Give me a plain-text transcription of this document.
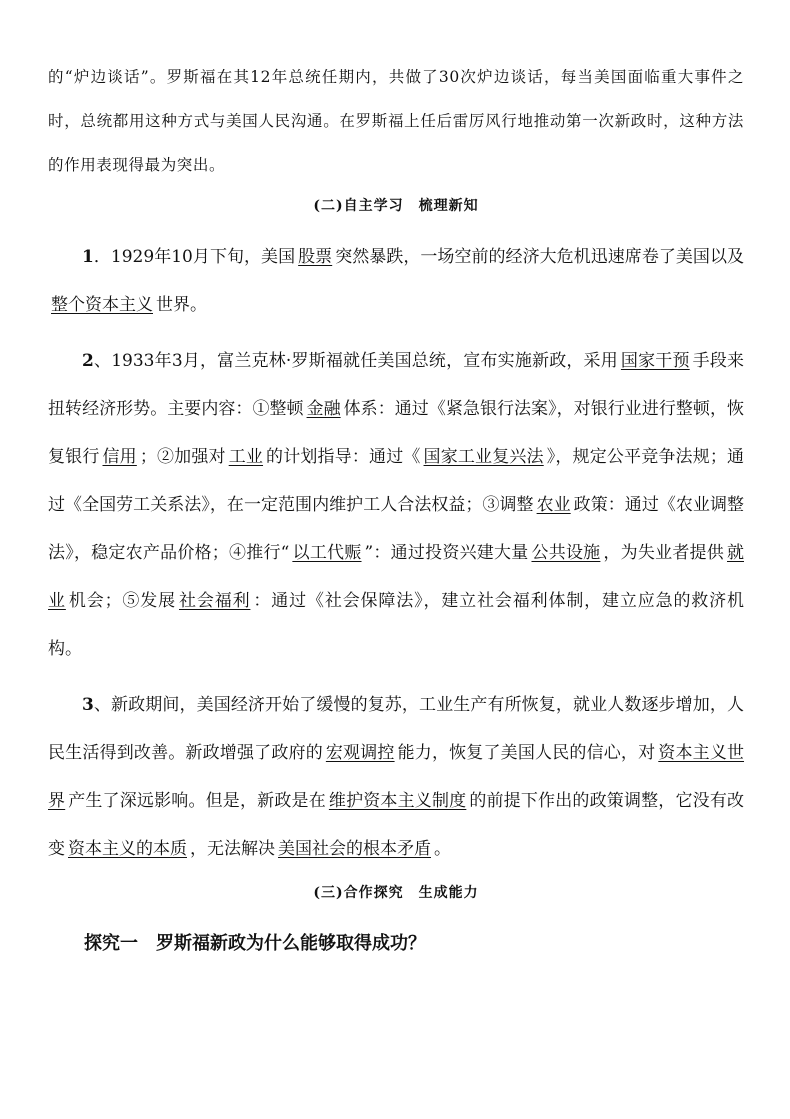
的“炉边谈话”。罗斯福在其12年总统任期内，共做了30次炉边谈话，每当美国面临重大事件之时，总统都用这种方式与美国人民沟通。在罗斯福上任后雷厉风行地推动第一次新政时，这种方法的作用表现得最为突出。

(二)自主学习　梳理新知

1．1929年10月下旬，美国 股票 突然暴跌，一场空前的经济大危机迅速席卷了美国以及整个资本主义 世界。

2、1933年3月，富兰克林·罗斯福就任美国总统，宣布实施新政，采用 国家干预 手段来扭转经济形势。主要内容：①整顿 金融 体系：通过《紧急银行法案》，对银行业进行整顿，恢复银行 信用 ；②加强对 工业 的计划指导：通过《 国家工业复兴法 》，规定公平竞争法规；通过《全国劳工关系法》，在一定范围内维护工人合法权益；③调整 农业 政策：通过《农业调整法》，稳定农产品价格；④推行“ 以工代赈 ”：通过投资兴建大量 公共设施 ，为失业者提供 就业 机会；⑤发展 社会福利 ：通过《社会保障法》，建立社会福利体制，建立应急的救济机构。

3、新政期间，美国经济开始了缓慢的复苏，工业生产有所恢复，就业人数逐步增加，人民生活得到改善。新政增强了政府的 宏观调控 能力，恢复了美国人民的信心，对 资本主义世界 产生了深远影响。但是，新政是在 维护资本主义制度 的前提下作出的政策调整，它没有改变 资本主义的本质 ，无法解决 美国社会的根本矛盾 。

(三)合作探究　生成能力

探究一　罗斯福新政为什么能够取得成功？
